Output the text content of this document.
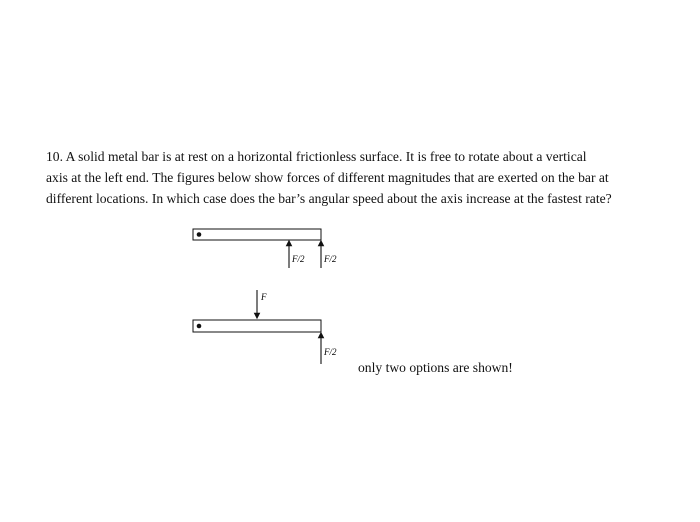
10. A solid metal bar is at rest on a horizontal frictionless surface. It is free to rotate about a vertical

axis at the left end. The figures below show forces of different magnitudes that are exerted on the bar at

different locations. In which case does the bar’s angular speed about the axis increase at the fastest rate?

F/2 F/2
F
F/2

only two options are shown!
